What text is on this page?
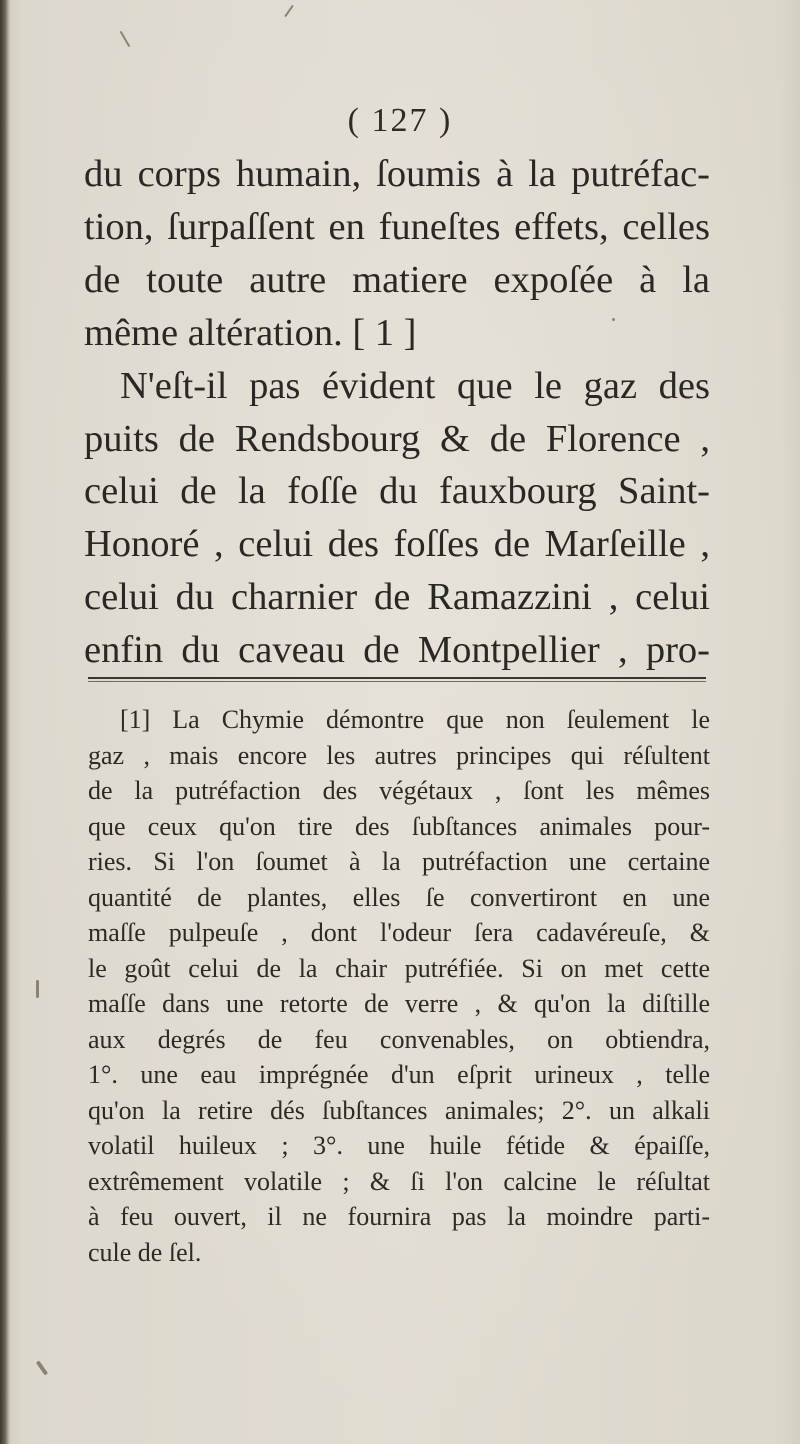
( 127 )
du corps humain, ſoumis à la putréfac-
tion, ſurpaſſent en funeſtes effets, celles
de toute autre matiere expoſée à la
même altération. [ 1 ]
N'eſt-il pas évident que le gaz des
puits de Rendsbourg & de Florence ,
celui de la foſſe du fauxbourg Saint-
Honoré , celui des foſſes de Marſeille ,
celui du charnier de Ramazzini , celui
enfin du caveau de Montpellier , pro-
[1] La Chymie démontre que non ſeulement le
gaz , mais encore les autres principes qui réſultent
de la putréfaction des végétaux , ſont les mêmes
que ceux qu'on tire des ſubſtances animales pour-
ries. Si l'on ſoumet à la putréfaction une certaine
quantité de plantes, elles ſe convertiront en une
maſſe pulpeuſe , dont l'odeur ſera cadavéreuſe, &
le goût celui de la chair putréfiée. Si on met cette
maſſe dans une retorte de verre , & qu'on la diſtille
aux degrés de feu convenables, on obtiendra,
1°. une eau imprégnée d'un eſprit urineux , telle
qu'on la retire dés ſubſtances animales; 2°. un alkali
volatil huileux ; 3°. une huile fétide & épaiſſe,
extrêmement volatile ; & ſi l'on calcine le réſultat
à feu ouvert, il ne fournira pas la moindre parti-
cule de ſel.
